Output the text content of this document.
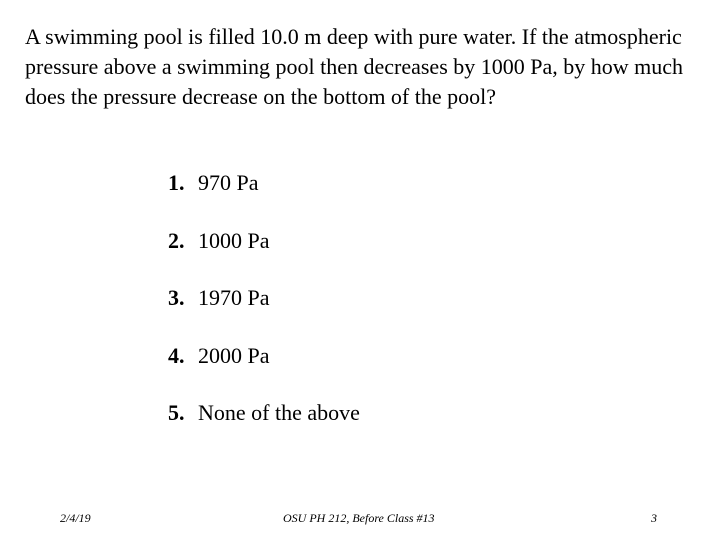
A swimming pool is filled 10.0 m deep with pure water. If the atmospheric pressure above a swimming pool then decreases by 1000 Pa, by how much does the pressure decrease on the bottom of the pool?

1. 970 Pa
2. 1000 Pa
3. 1970 Pa
4. 2000 Pa
5. None of the above
2/4/19	OSU PH 212, Before Class #13	3
